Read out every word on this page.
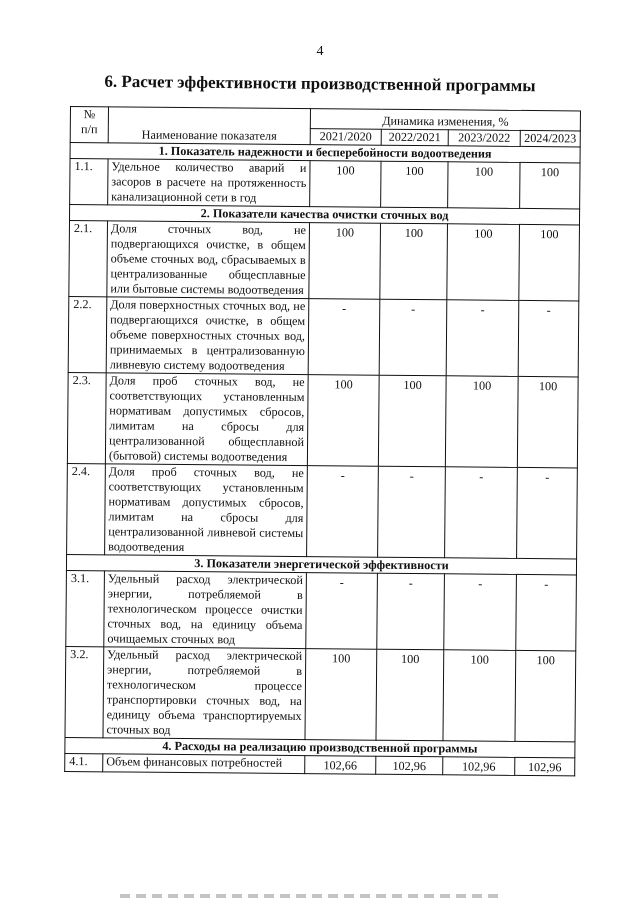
4
6. Расчет эффективности производственной программы
№
п/п	Наименование показателя	Динамика изменения, %			
		2021/2020	2022/2021	2023/2022	2024/2023
1. Показатель надежности и бесперебойности водоотведения					
1.1.	Удельное количество аварий и засоров в расчете на протяженность канализационной сети в год	100	100	100	100
2. Показатели качества очистки сточных вод					
2.1.	Доля сточных вод, не подвергающихся очистке, в общем объеме сточных вод, сбрасываемых в централизованные общесплавные или бытовые системы водоотведения	100	100	100	100
2.2.	Доля поверхностных сточных вод, не подвергающихся очистке, в общем объеме поверхностных сточных вод, принимаемых в централизованную ливневую систему водоотведения	-	-	-	-
2.3.	Доля проб сточных вод, не соответствующих установленным нормативам допустимых сбросов, лимитам на сбросы для централизованной общесплавной (бытовой) системы водоотведения	100	100	100	100
2.4.	Доля проб сточных вод, не соответствующих установленным нормативам допустимых сбросов, лимитам на сбросы для централизованной ливневой системы водоотведения	-	-	-	-
3. Показатели энергетической эффективности					
3.1.	Удельный расход электрической энергии, потребляемой в технологическом процессе очистки сточных вод, на единицу объема очищаемых сточных вод	-	-	-	-
3.2.	Удельный расход электрической энергии, потребляемой в технологическом процессе транспортировки сточных вод, на единицу объема транспортируемых сточных вод	100	100	100	100
4. Расходы на реализацию производственной программы					
4.1.	Объем финансовых потребностей	102,66	102,96	102,96	102,96
